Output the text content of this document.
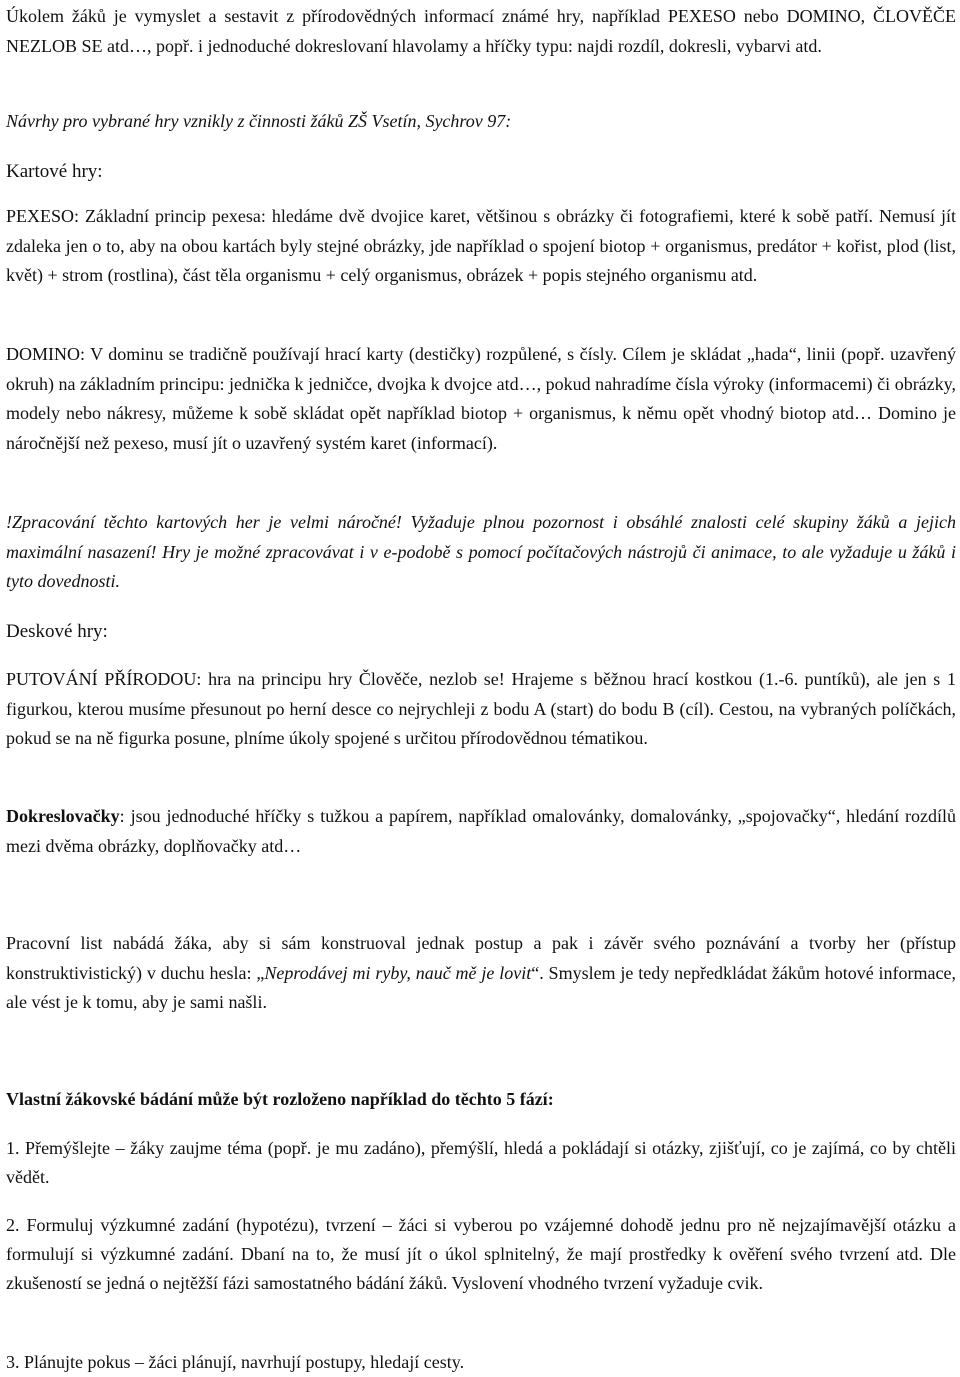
Úkolem žáků je vymyslet a sestavit z přírodovědných informací známé hry, například PEXESO nebo DOMINO, ČLOVĚČE NEZLOB SE atd…, popř. i jednoduché dokreslovaní hlavolamy a hříčky typu: najdi rozdíl, dokresli, vybarvi atd.

Návrhy pro vybrané hry vznikly z činnosti žáků ZŠ Vsetín, Sychrov 97:

Kartové hry:

PEXESO: Základní princip pexesa: hledáme dvě dvojice karet, většinou s obrázky či fotografiemi, které k sobě patří. Nemusí jít zdaleka jen o to, aby na obou kartách byly stejné obrázky, jde například o spojení biotop + organismus, predátor + kořist, plod (list, květ) + strom (rostlina), část těla organismu + celý organismus, obrázek + popis stejného organismu atd.

DOMINO: V dominu se tradičně používají hrací karty (destičky) rozpůlené, s čísly. Cílem je skládat „hada“, linii (popř. uzavřený okruh) na základním principu: jednička k jedničce, dvojka k dvojce atd…, pokud nahradíme čísla výroky (informacemi) či obrázky, modely nebo nákresy, můžeme k sobě skládat opět například biotop + organismus, k němu opět vhodný biotop atd… Domino je náročnější než pexeso, musí jít o uzavřený systém karet (informací).

!Zpracování těchto kartových her je velmi náročné! Vyžaduje plnou pozornost i obsáhlé znalosti celé skupiny žáků a jejich maximální nasazení! Hry je možné zpracovávat i v e-podobě s pomocí počítačových nástrojů či animace, to ale vyžaduje u žáků i tyto dovednosti.

Deskové hry:

PUTOVÁNÍ PŘÍRODOU: hra na principu hry Člověče, nezlob se! Hrajeme s běžnou hrací kostkou (1.-6. puntíků), ale jen s 1 figurkou, kterou musíme přesunout po herní desce co nejrychleji z bodu A (start) do bodu B (cíl). Cestou, na vybraných políčkách, pokud se na ně figurka posune, plníme úkoly spojené s určitou přírodovědnou tématikou.

Dokreslovačky: jsou jednoduché hříčky s tužkou a papírem, například omalovánky, domalovánky, „spojovačky“, hledání rozdílů mezi dvěma obrázky, doplňovačky atd…

Pracovní list nabádá žáka, aby si sám konstruoval jednak postup a pak i závěr svého poznávání a tvorby her (přístup konstruktivistický) v duchu hesla: „Neprodávej mi ryby, nauč mě je lovit“. Smyslem je tedy nepředkládat žákům hotové informace, ale vést je k tomu, aby je sami našli.

Vlastní žákovské bádání může být rozloženo například do těchto 5 fází:

1. Přemýšlejte – žáky zaujme téma (popř. je mu zadáno), přemýšlí, hledá a pokládají si otázky, zjišťují, co je zajímá, co by chtěli vědět.

2. Formuluj výzkumné zadání (hypotézu), tvrzení – žáci si vyberou po vzájemné dohodě jednu pro ně nejzajímavější otázku a formulují si výzkumné zadání. Dbaní na to, že musí jít o úkol splnitelný, že mají prostředky k ověření svého tvrzení atd. Dle zkušeností se jedná o nejtěžší fázi samostatného bádání žáků. Vyslovení vhodného tvrzení vyžaduje cvik.

3. Plánujte pokus – žáci plánují, navrhují postupy, hledají cesty.
